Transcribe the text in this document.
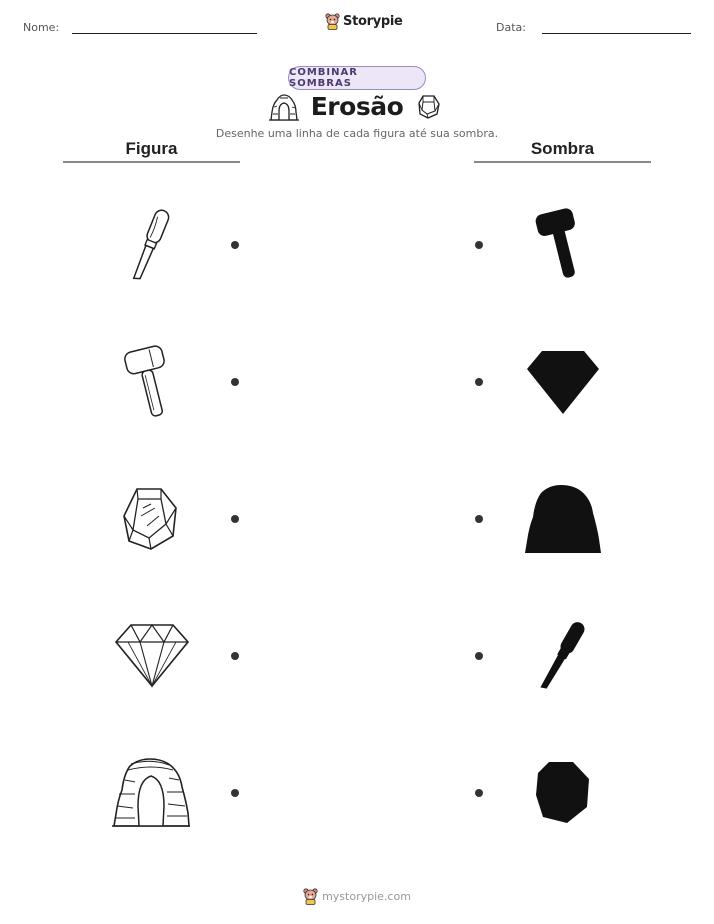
Nome:	Storypie	Data:
COMBINAR SOMBRAS
Erosão
Desenhe uma linha de cada figura até sua sombra.
Figura	Sombra
mystorypie.com
